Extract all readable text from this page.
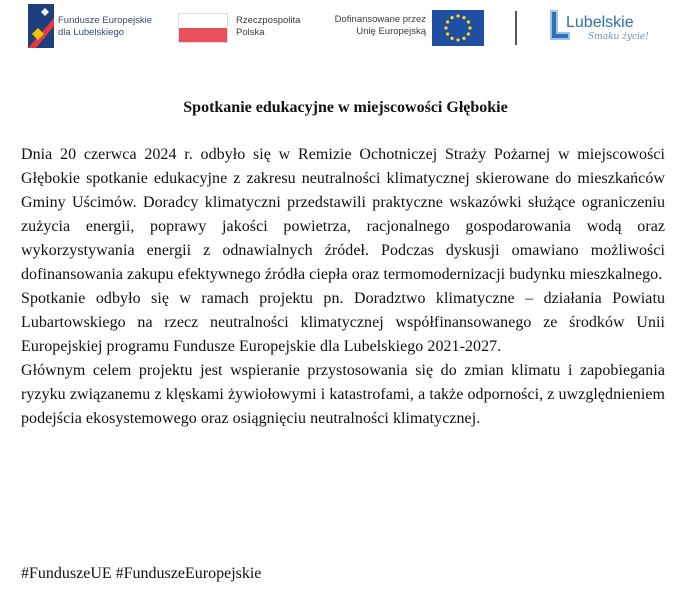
Fundusze Europejskie
dla Lubelskiego
Rzeczpospolita
Polska
Dofinansowane przez
Unię Europejską
Lubelskie
Smaku życie!
Spotkanie edukacyjne w miejscowości Głębokie

Dnia 20 czerwca 2024 r. odbyło się w Remizie Ochotniczej Straży Pożarnej w miejscowości Głębokie spotkanie edukacyjne z zakresu neutralności klimatycznej skierowane do mieszkańców Gminy Uścimów. Doradcy klimatyczni przedstawili praktyczne wskazówki służące ograniczeniu zużycia energii, poprawy jakości powietrza, racjonalnego gospodarowania wodą oraz wykorzystywania energii z odnawialnych źródeł. Podczas dyskusji omawiano możliwości dofinansowania zakupu efektywnego źródła ciepła oraz termomodernizacji budynku mieszkalnego.

Spotkanie odbyło się w ramach projektu pn. Doradztwo klimatyczne – działania Powiatu Lubartowskiego na rzecz neutralności klimatycznej współfinansowanego ze środków Unii Europejskiej programu Fundusze Europejskie dla Lubelskiego 2021-2027.

Głównym celem projektu jest wspieranie przystosowania się do zmian klimatu i zapobiegania ryzyku związanemu z klęskami żywiołowymi i katastrofami, a także odporności, z uwzględnieniem podejścia ekosystemowego oraz osiągnięciu neutralności klimatycznej.

#FunduszeUE #FunduszeEuropejskie
